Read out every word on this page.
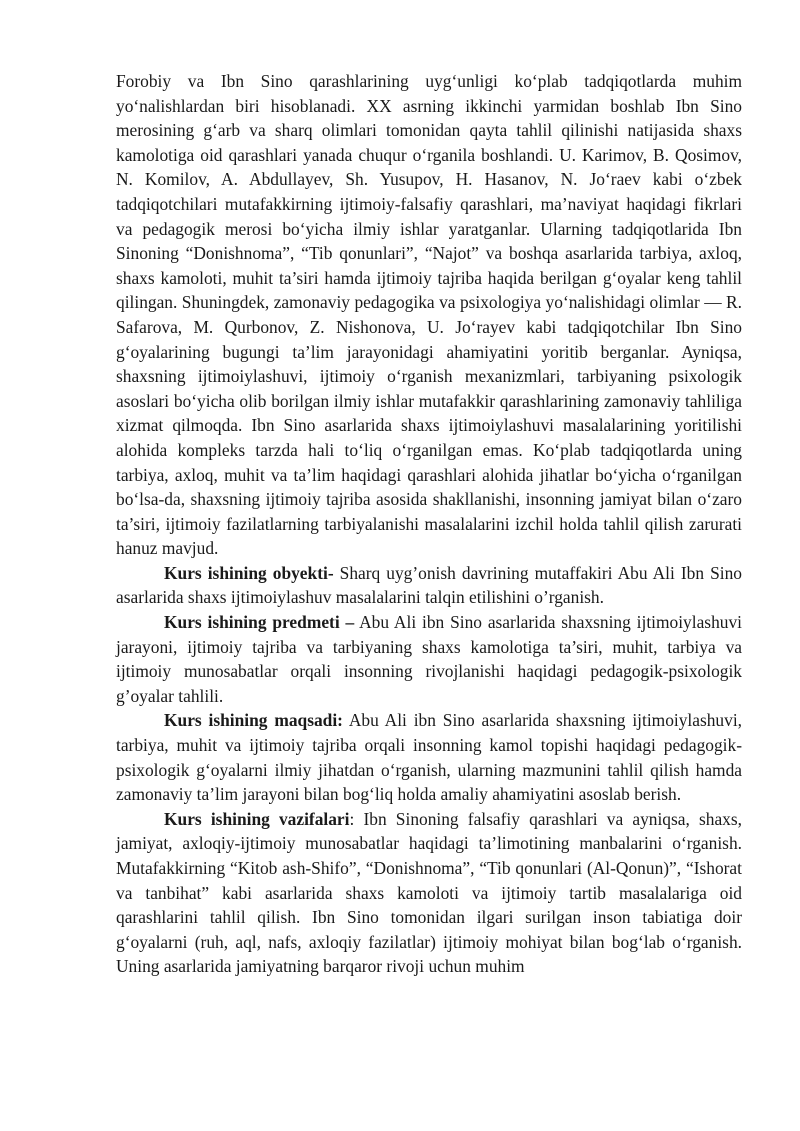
Forobiy va Ibn Sino qarashlarining uyg‘unligi ko‘plab tadqiqotlarda muhim yo‘nalishlardan biri hisoblanadi. XX asrning ikkinchi yarmidan boshlab Ibn Sino merosining g‘arb va sharq olimlari tomonidan qayta tahlil qilinishi natijasida shaxs kamolotiga oid qarashlari yanada chuqur o‘rganila boshlandi. U. Karimov, B. Qosimov, N. Komilov, A. Abdullayev, Sh. Yusupov, H. Hasanov, N. Jo‘raev kabi o‘zbek tadqiqotchilari mutafakkirning ijtimoiy-falsafiy qarashlari, ma’naviyat haqidagi fikrlari va pedagogik merosi bo‘yicha ilmiy ishlar yaratganlar. Ularning tadqiqotlarida Ibn Sinoning “Donishnoma”, “Tib qonunlari”, “Najot” va boshqa asarlarida tarbiya, axloq, shaxs kamoloti, muhit ta’siri hamda ijtimoiy tajriba haqida berilgan g‘oyalar keng tahlil qilingan. Shuningdek, zamonaviy pedagogika va psixologiya yo‘nalishidagi olimlar — R. Safarova, M. Qurbonov, Z. Nishonova, U. Jo‘rayev kabi tadqiqotchilar Ibn Sino g‘oyalarining bugungi ta’lim jarayonidagi ahamiyatini yoritib berganlar. Ayniqsa, shaxsning ijtimoiylashuvi, ijtimoiy o‘rganish mexanizmlari, tarbiyaning psixologik asoslari bo‘yicha olib borilgan ilmiy ishlar mutafakkir qarashlarining zamonaviy tahliliga xizmat qilmoqda. Ibn Sino asarlarida shaxs ijtimoiylashuvi masalalarining yoritilishi alohida kompleks tarzda hali to‘liq o‘rganilgan emas. Ko‘plab tadqiqotlarda uning tarbiya, axloq, muhit va ta’lim haqidagi qarashlari alohida jihatlar bo‘yicha o‘rganilgan bo‘lsa-da, shaxsning ijtimoiy tajriba asosida shakllanishi, insonning jamiyat bilan o‘zaro ta’siri, ijtimoiy fazilatlarning tarbiyalanishi masalalarini izchil holda tahlil qilish zarurati hanuz mavjud.

Kurs ishining obyekti- Sharq uyg’onish davrining mutaffakiri Abu Ali Ibn Sino asarlarida shaxs ijtimoiylashuv masalalarini talqin etilishini o’rganish.

Kurs ishining predmeti – Abu Ali ibn Sino asarlarida shaxsning ijtimoiylashuvi jarayoni, ijtimoiy tajriba va tarbiyaning shaxs kamolotiga ta’siri, muhit, tarbiya va ijtimoiy munosabatlar orqali insonning rivojlanishi haqidagi pedagogik-psixologik g’oyalar tahlili.

Kurs ishining maqsadi: Abu Ali ibn Sino asarlarida shaxsning ijtimoiylashuvi, tarbiya, muhit va ijtimoiy tajriba orqali insonning kamol topishi haqidagi pedagogik-psixologik g‘oyalarni ilmiy jihatdan o‘rganish, ularning mazmunini tahlil qilish hamda zamonaviy ta’lim jarayoni bilan bog‘liq holda amaliy ahamiyatini asoslab berish.

Kurs ishining vazifalari: Ibn Sinoning falsafiy qarashlari va ayniqsa, shaxs, jamiyat, axloqiy-ijtimoiy munosabatlar haqidagi ta’limotining manbalarini o‘rganish. Mutafakkirning “Kitob ash-Shifo”, “Donishnoma”, “Tib qonunlari (Al-Qonun)”, “Ishorat va tanbihat” kabi asarlarida shaxs kamoloti va ijtimoiy tartib masalalariga oid qarashlarini tahlil qilish. Ibn Sino tomonidan ilgari surilgan inson tabiatiga doir g‘oyalarni (ruh, aql, nafs, axloqiy fazilatlar) ijtimoiy mohiyat bilan bog‘lab o‘rganish. Uning asarlarida jamiyatning barqaror rivoji uchun muhim
